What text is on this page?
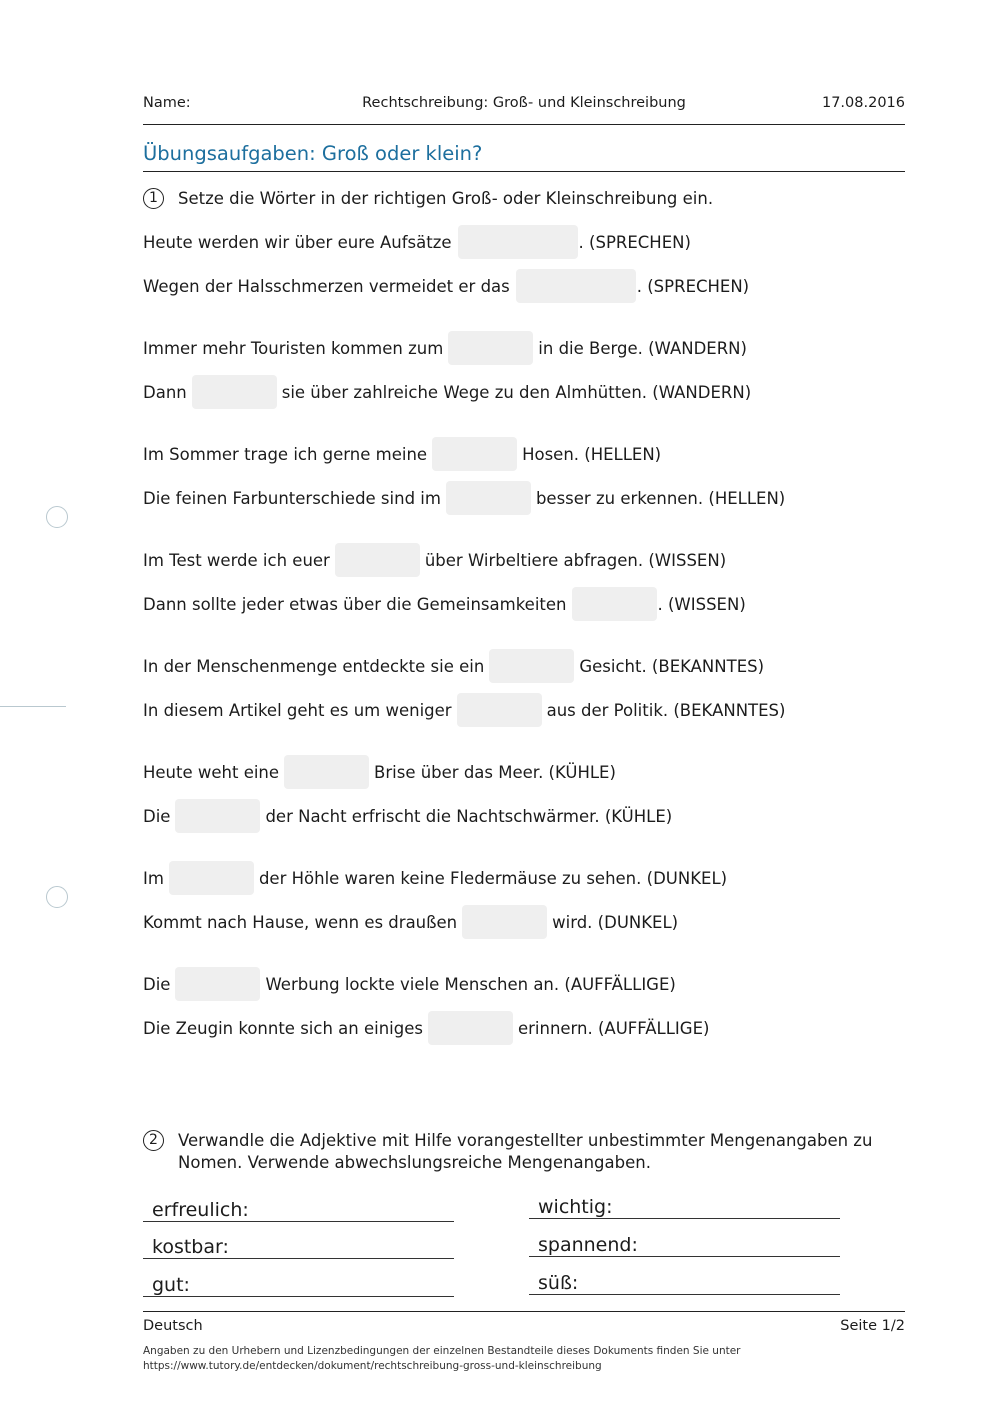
Rechtschreibung: Groß- und Kleinschreibung
Name:	17.08.2016
Übungsaufgaben: Groß oder klein?
1	Setze die Wörter in der richtigen Groß- oder Kleinschreibung ein.
Heute werden wir über eure Aufsätze	. (SPRECHEN)
Wegen der Halsschmerzen vermeidet er das	. (SPRECHEN)
Immer mehr Touristen kommen zum	in die Berge. (WANDERN)
Dann	sie über zahlreiche Wege zu den Almhütten. (WANDERN)
Im Sommer trage ich gerne meine	Hosen. (HELLEN)
Die feinen Farbunterschiede sind im	besser zu erkennen. (HELLEN)
Im Test werde ich euer	über Wirbeltiere abfragen. (WISSEN)
Dann sollte jeder etwas über die Gemeinsamkeiten	. (WISSEN)
In der Menschenmenge entdeckte sie ein	Gesicht. (BEKANNTES)
In diesem Artikel geht es um weniger	aus der Politik. (BEKANNTES)
Heute weht eine	Brise über das Meer. (KÜHLE)
Die	der Nacht erfrischt die Nachtschwärmer. (KÜHLE)
Im	der Höhle waren keine Fledermäuse zu sehen. (DUNKEL)
Kommt nach Hause, wenn es draußen	wird. (DUNKEL)
Die	Werbung lockte viele Menschen an. (AUFFÄLLIGE)
Die Zeugin konnte sich an einiges	erinnern. (AUFFÄLLIGE)
2	Verwandle die Adjektive mit Hilfe vorangestellter unbestimmter Mengenangaben zu Nomen. Verwende abwechslungsreiche Mengenangaben.
erfreulich:
kostbar:
gut:
wichtig:
spannend:
süß:
Deutsch	Seite 1/2
Angaben zu den Urhebern und Lizenzbedingungen der einzelnen Bestandteile dieses Dokuments finden Sie unter
https://www.tutory.de/entdecken/dokument/rechtschreibung-gross-und-kleinschreibung
